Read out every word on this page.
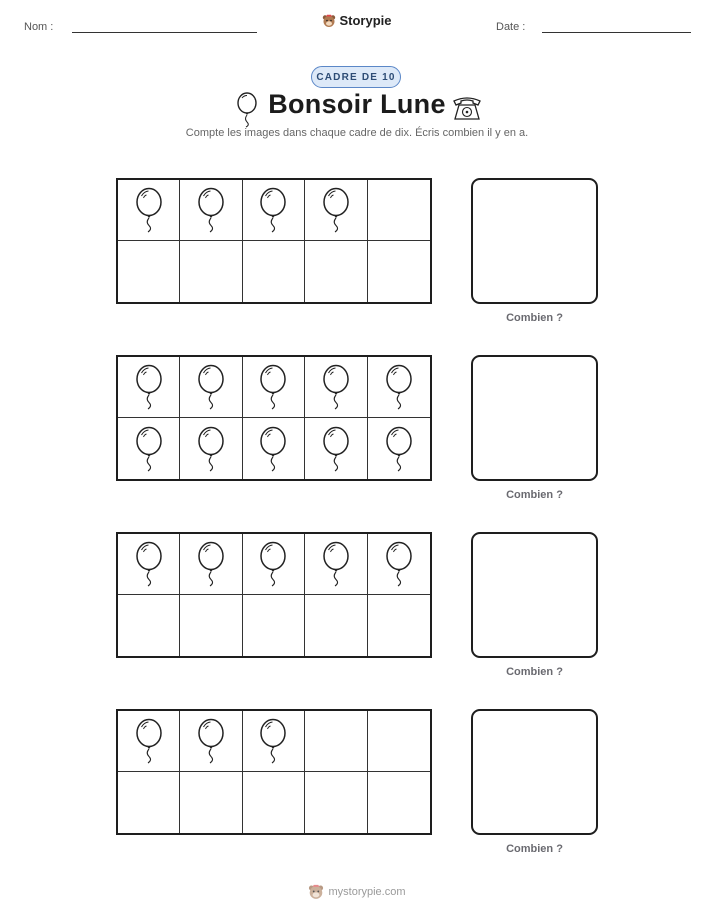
Nom :	Storypie	Date :
CADRE DE 10
Bonsoir Lune
Compte les images dans chaque cadre de dix. Écris combien il y en a.
Combien ?
Combien ?
Combien ?
Combien ?
mystorypie.com
